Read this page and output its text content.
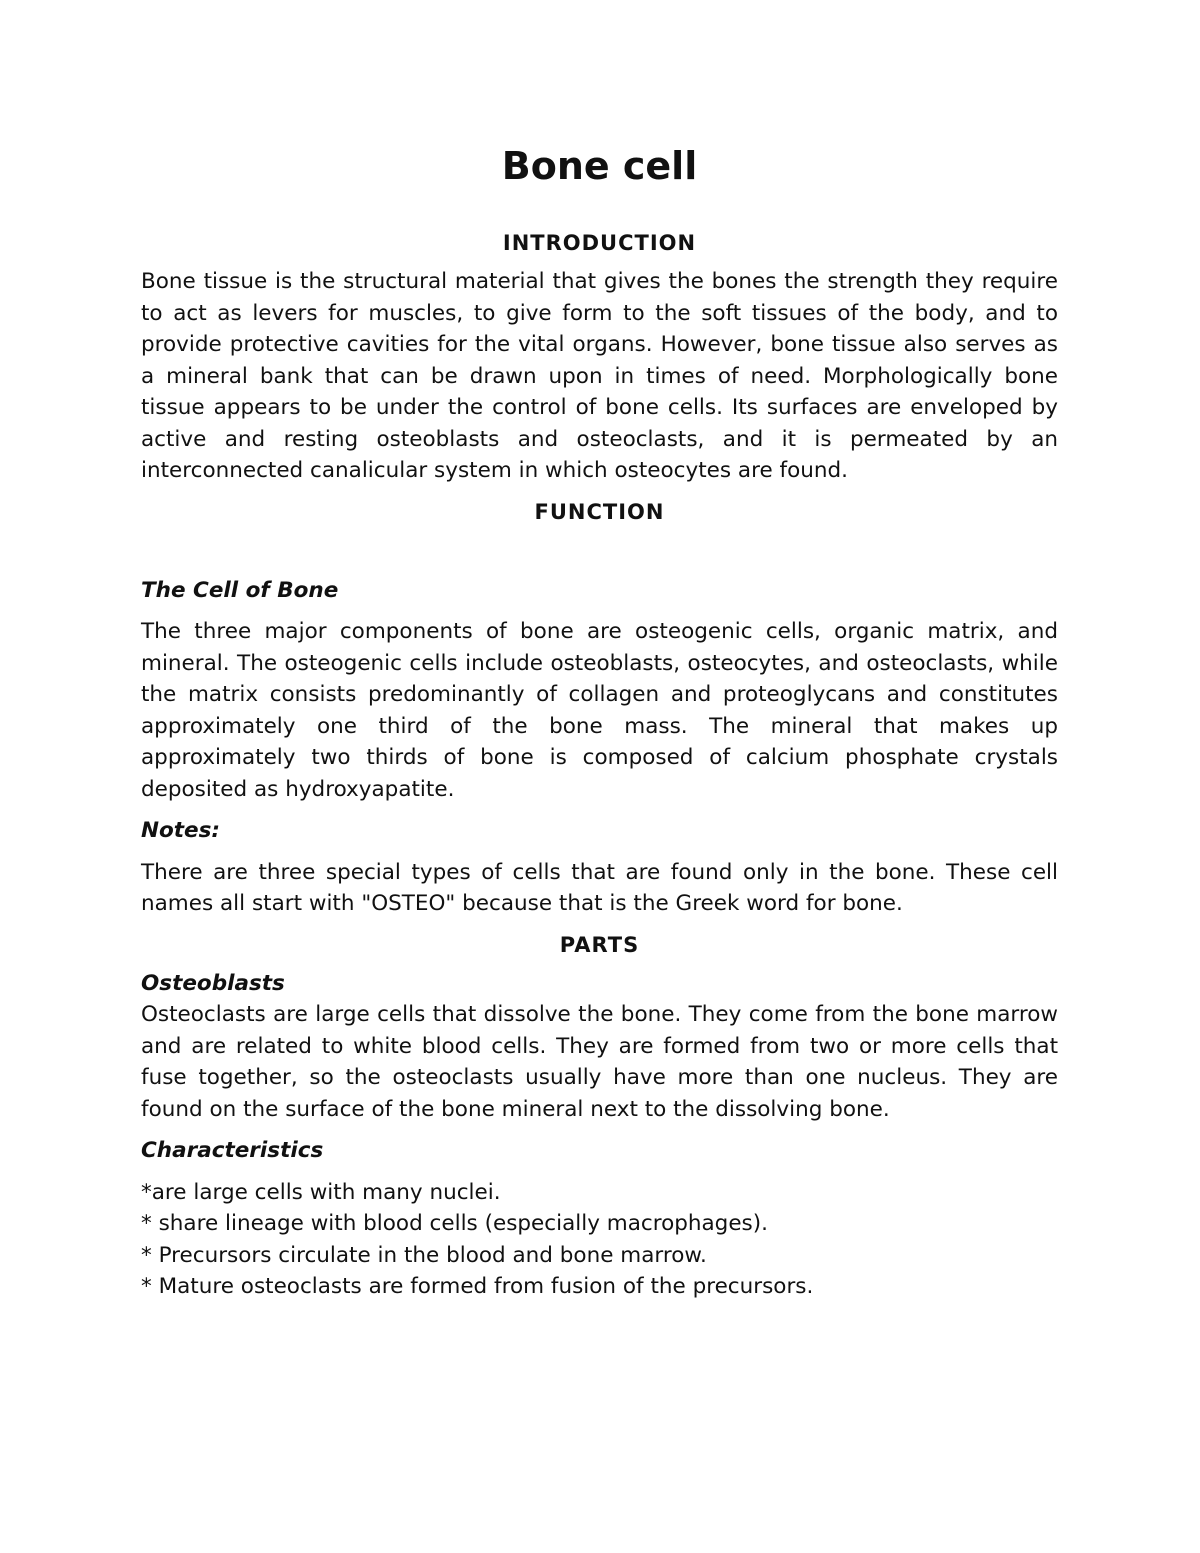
Bone cell
INTRODUCTION

Bone tissue is the structural material that gives the bones the strength they require to act as levers for muscles, to give form to the soft tissues of the body, and to provide protective cavities for the vital organs. However, bone tissue also serves as a mineral bank that can be drawn upon in times of need. Morphologically bone tissue appears to be under the control of bone cells. Its surfaces are enveloped by active and resting osteoblasts and osteoclasts, and it is permeated by an interconnected canalicular system in which osteocytes are found.

FUNCTION
The Cell of Bone

The three major components of bone are osteogenic cells, organic matrix, and mineral. The osteogenic cells include osteoblasts, osteocytes, and osteoclasts, while the matrix consists predominantly of collagen and proteoglycans and constitutes approximately one third of the bone mass. The mineral that makes up approximately two thirds of bone is composed of calcium phosphate crystals deposited as hydroxyapatite.

Notes:

There are three special types of cells that are found only in the bone. These cell names all start with "OSTEO" because that is the Greek word for bone.

PARTS
Osteoblasts

Osteoclasts are large cells that dissolve the bone. They come from the bone marrow and are related to white blood cells. They are formed from two or more cells that fuse together, so the osteoclasts usually have more than one nucleus. They are found on the surface of the bone mineral next to the dissolving bone.

Characteristics
*are large cells with many nuclei.
* share lineage with blood cells (especially macrophages).
* Precursors circulate in the blood and bone marrow.
* Mature osteoclasts are formed from fusion of the precursors.
